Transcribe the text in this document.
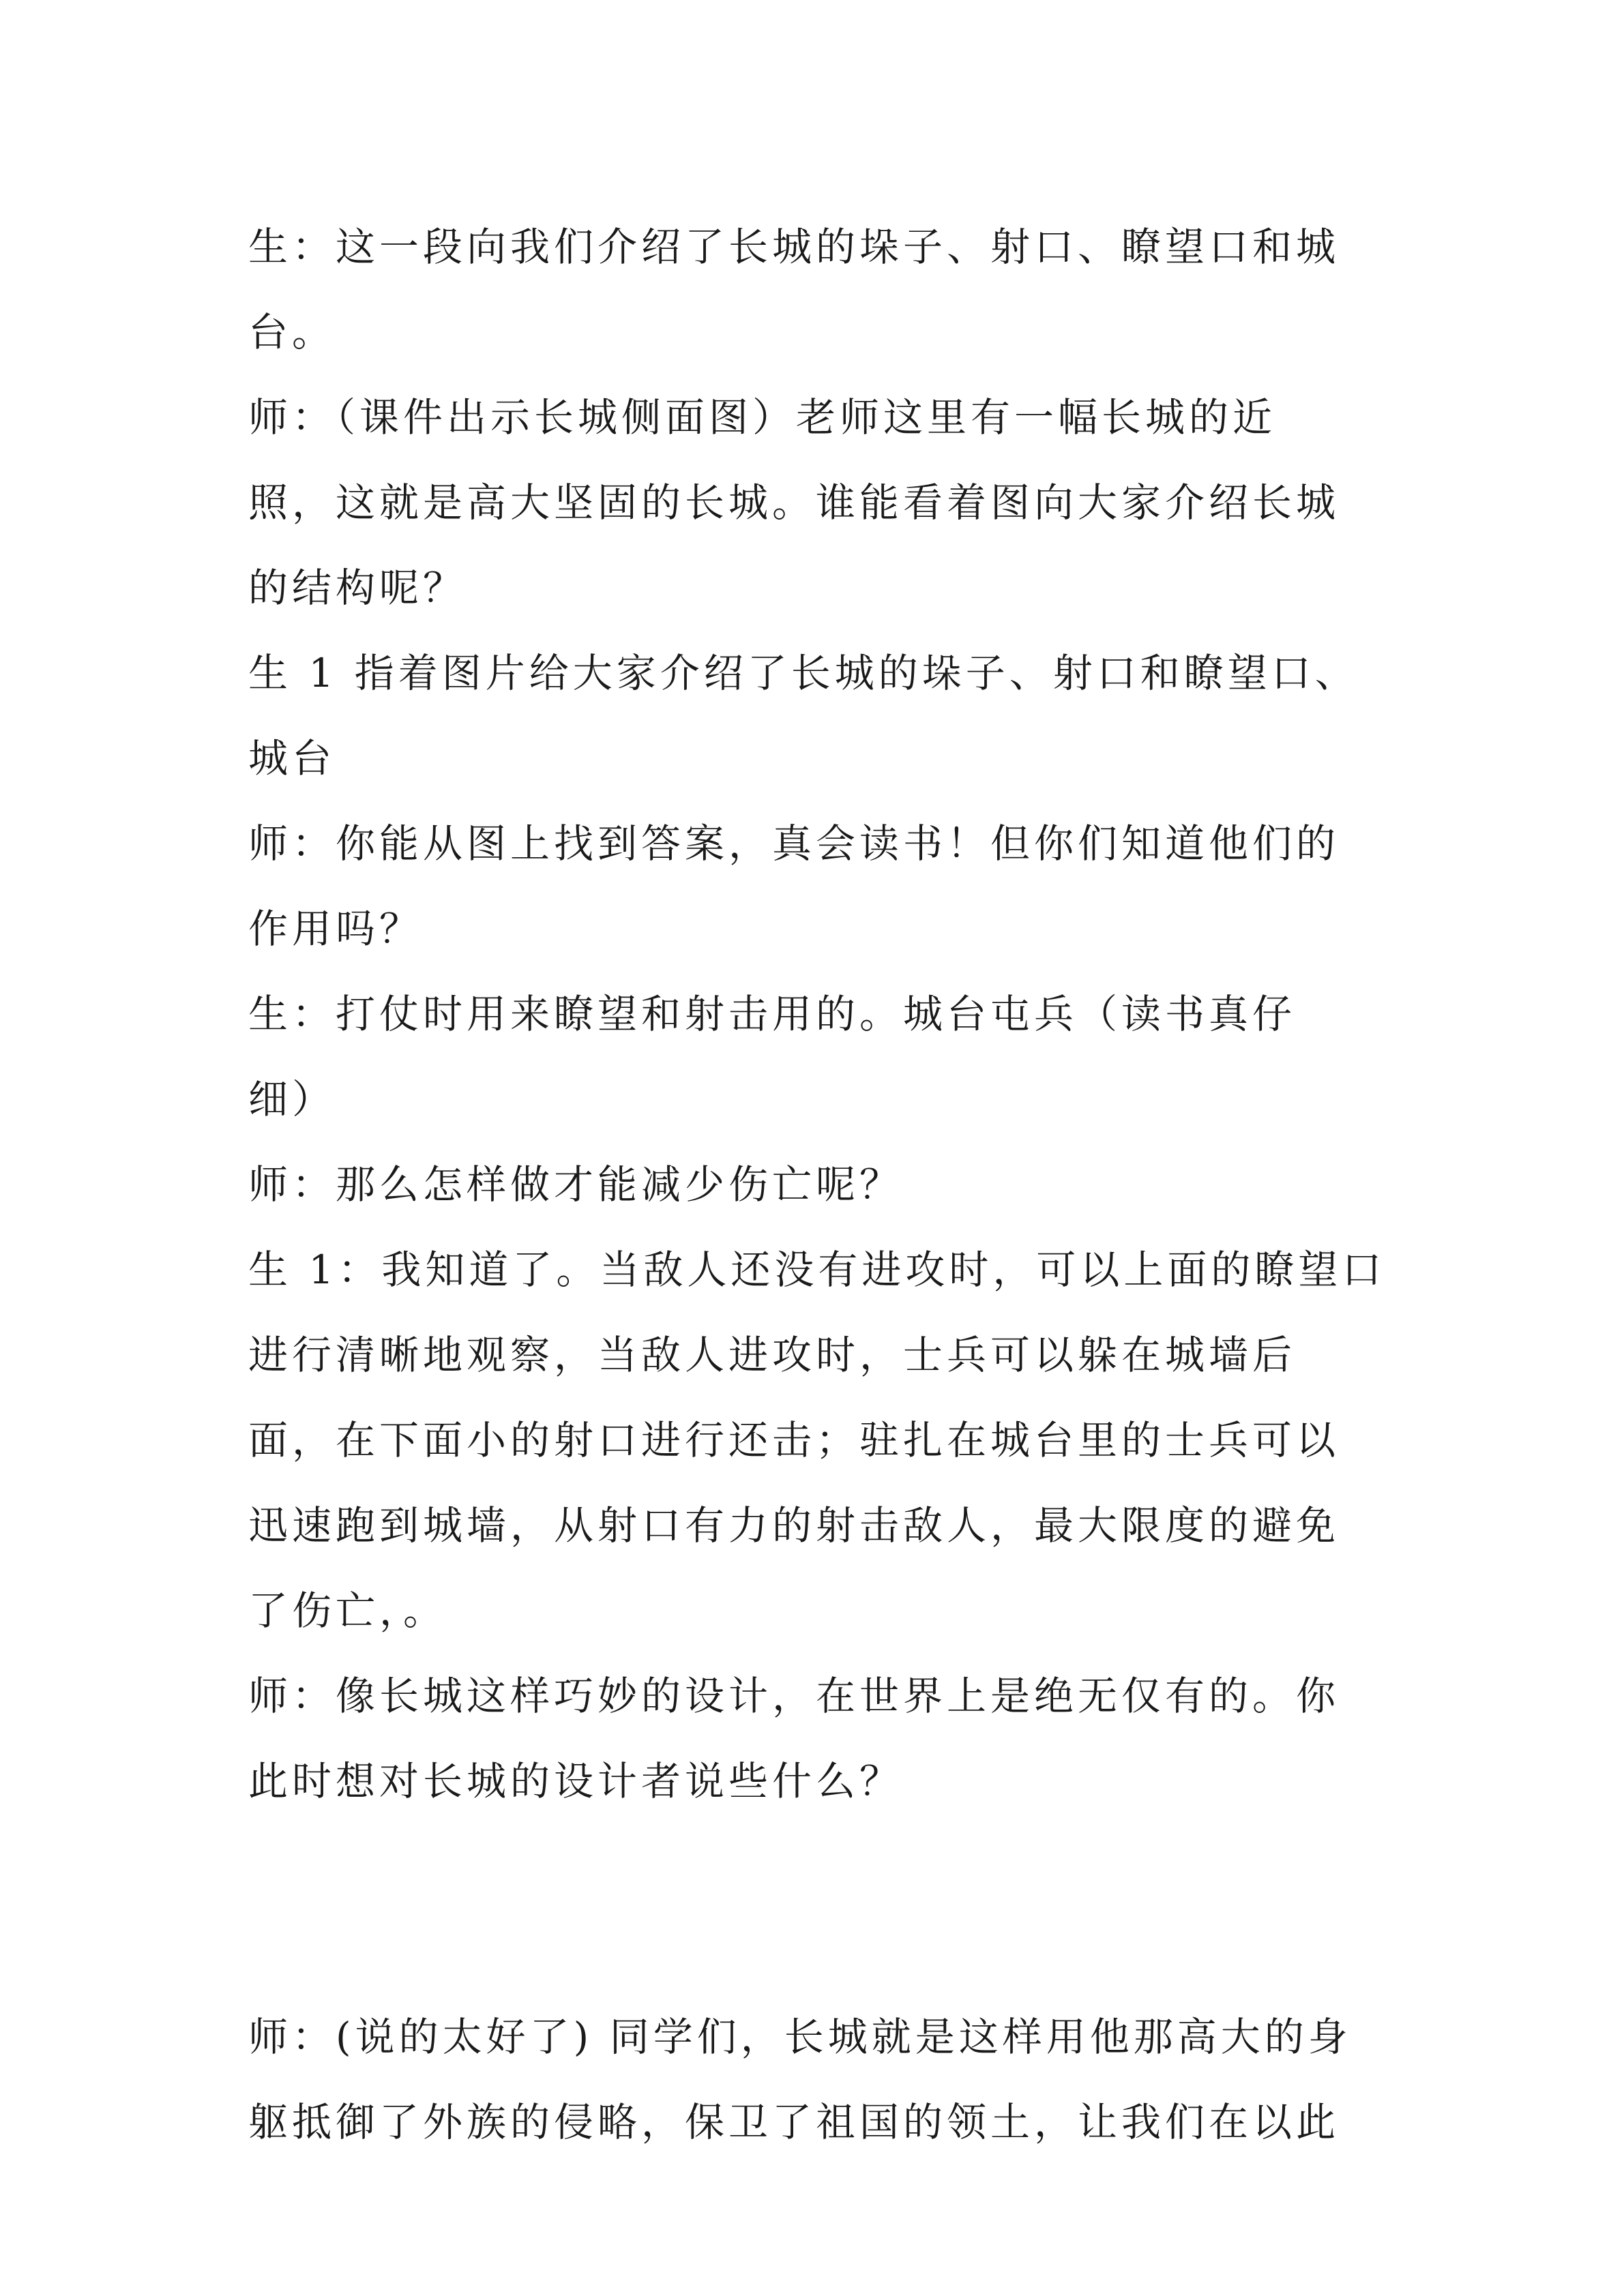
生：这一段向我们介绍了长城的垛子、射口、瞭望口和城
台。
师：（课件出示长城侧面图）老师这里有一幅长城的近
照，这就是高大坚固的长城。谁能看着图向大家介绍长城
的结构呢？
生 1 指着图片给大家介绍了长城的垛子、射口和瞭望口、
城台
师：你能从图上找到答案，真会读书！但你们知道他们的
作用吗？
生：打仗时用来瞭望和射击用的。城台屯兵（读书真仔
细）
师：那么怎样做才能减少伤亡呢？
生 1：我知道了。当敌人还没有进攻时，可以上面的瞭望口
进行清晰地观察，当敌人进攻时，士兵可以躲在城墙后
面，在下面小的射口进行还击；驻扎在城台里的士兵可以
迅速跑到城墙，从射口有力的射击敌人，最大限度的避免
了伤亡，。
师：像长城这样巧妙的设计，在世界上是绝无仅有的。你
此时想对长城的设计者说些什么？
师：(说的太好了) 同学们，长城就是这样用他那高大的身
躯抵御了外族的侵略，保卫了祖国的领土，让我们在以此
